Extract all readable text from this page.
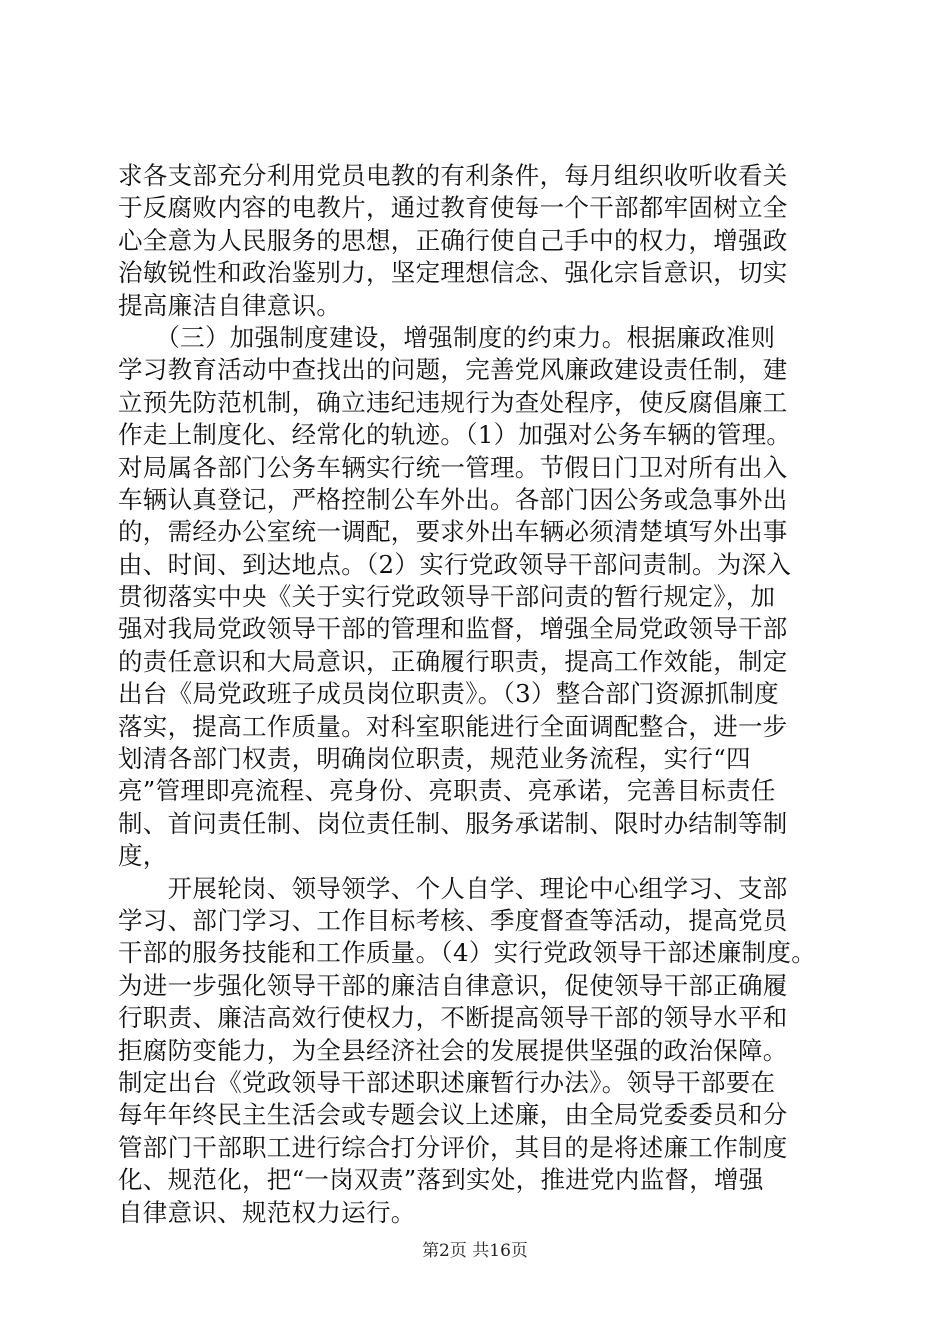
求各支部充分利用党员电教的有利条件，每月组织收听收看关
于反腐败内容的电教片，通过教育使每一个干部都牢固树立全
心全意为人民服务的思想，正确行使自己手中的权力，增强政
治敏锐性和政治鉴别力，坚定理想信念、强化宗旨意识，切实
提高廉洁自律意识。
　　（三）加强制度建设，增强制度的约束力。根据廉政准则
学习教育活动中查找出的问题，完善党风廉政建设责任制，建
立预先防范机制，确立违纪违规行为查处程序，使反腐倡廉工
作走上制度化、经常化的轨迹。（1）加强对公务车辆的管理。
对局属各部门公务车辆实行统一管理。节假日门卫对所有出入
车辆认真登记，严格控制公车外出。各部门因公务或急事外出
的，需经办公室统一调配，要求外出车辆必须清楚填写外出事
由、时间、到达地点。（2）实行党政领导干部问责制。为深入
贯彻落实中央《关于实行党政领导干部问责的暂行规定》，加
强对我局党政领导干部的管理和监督，增强全局党政领导干部
的责任意识和大局意识，正确履行职责，提高工作效能，制定
出台《局党政班子成员岗位职责》。（3）整合部门资源抓制度
落实，提高工作质量。对科室职能进行全面调配整合，进一步
划清各部门权责，明确岗位职责，规范业务流程，实行“四
亮”管理即亮流程、亮身份、亮职责、亮承诺，完善目标责任
制、首问责任制、岗位责任制、服务承诺制、限时办结制等制
度，
　　开展轮岗、领导领学、个人自学、理论中心组学习、支部
学习、部门学习、工作目标考核、季度督查等活动，提高党员
干部的服务技能和工作质量。（4）实行党政领导干部述廉制度。
为进一步强化领导干部的廉洁自律意识，促使领导干部正确履
行职责、廉洁高效行使权力，不断提高领导干部的领导水平和
拒腐防变能力，为全县经济社会的发展提供坚强的政治保障。
制定出台《党政领导干部述职述廉暂行办法》。领导干部要在
每年年终民主生活会或专题会议上述廉，由全局党委委员和分
管部门干部职工进行综合打分评价，其目的是将述廉工作制度
化、规范化，把“一岗双责”落到实处，推进党内监督，增强
自律意识、规范权力运行。
第2页 共16页
